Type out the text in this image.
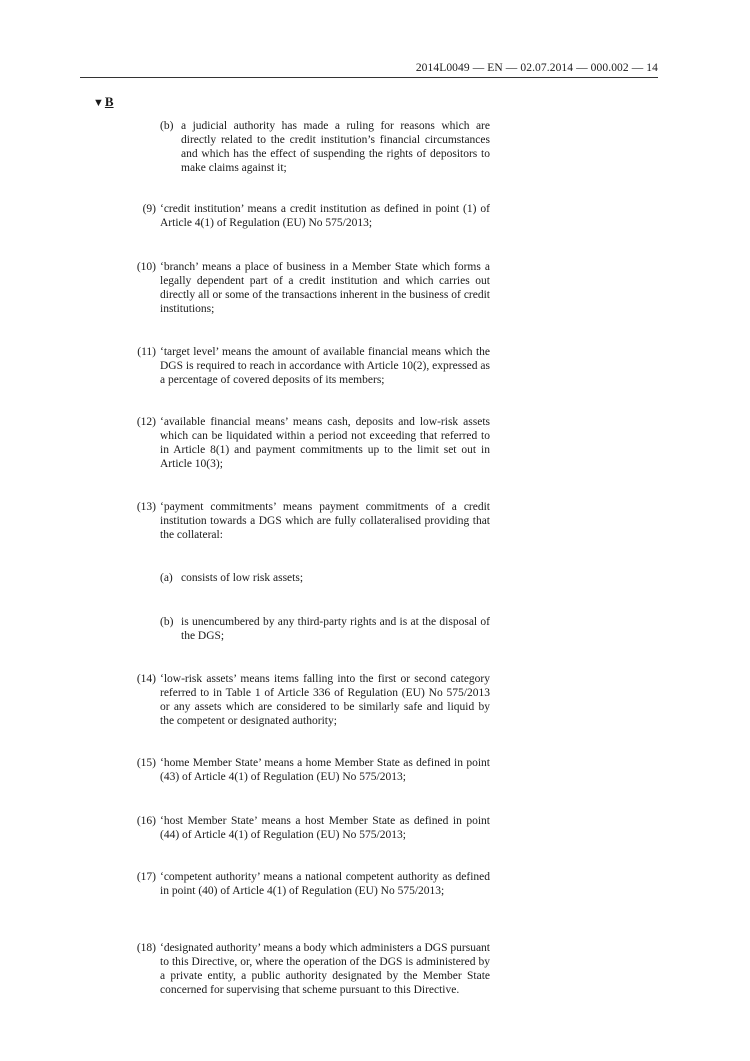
2014L0049 — EN — 02.07.2014 — 000.002 — 14
▼B
(b) a judicial authority has made a ruling for reasons which are directly related to the credit institution’s financial circumstances and which has the effect of suspending the rights of depositors to make claims against it;
(9) ‘credit institution’ means a credit institution as defined in point (1) of Article 4(1) of Regulation (EU) No 575/2013;
(10) ‘branch’ means a place of business in a Member State which forms a legally dependent part of a credit institution and which carries out directly all or some of the transactions inherent in the business of credit institutions;
(11) ‘target level’ means the amount of available financial means which the DGS is required to reach in accordance with Article 10(2), expressed as a percentage of covered deposits of its members;
(12) ‘available financial means’ means cash, deposits and low-risk assets which can be liquidated within a period not exceeding that referred to in Article 8(1) and payment commitments up to the limit set out in Article 10(3);
(13) ‘payment commitments’ means payment commitments of a credit institution towards a DGS which are fully collateralised providing that the collateral:
(a) consists of low risk assets;
(b) is unencumbered by any third-party rights and is at the disposal of the DGS;
(14) ‘low-risk assets’ means items falling into the first or second category referred to in Table 1 of Article 336 of Regulation (EU) No 575/2013 or any assets which are considered to be similarly safe and liquid by the competent or designated authority;
(15) ‘home Member State’ means a home Member State as defined in point (43) of Article 4(1) of Regulation (EU) No 575/2013;
(16) ‘host Member State’ means a host Member State as defined in point (44) of Article 4(1) of Regulation (EU) No 575/2013;
(17) ‘competent authority’ means a national competent authority as defined in point (40) of Article 4(1) of Regulation (EU) No 575/2013;
(18) ‘designated authority’ means a body which administers a DGS pursuant to this Directive, or, where the operation of the DGS is administered by a private entity, a public authority designated by the Member State concerned for supervising that scheme pursuant to this Directive.
